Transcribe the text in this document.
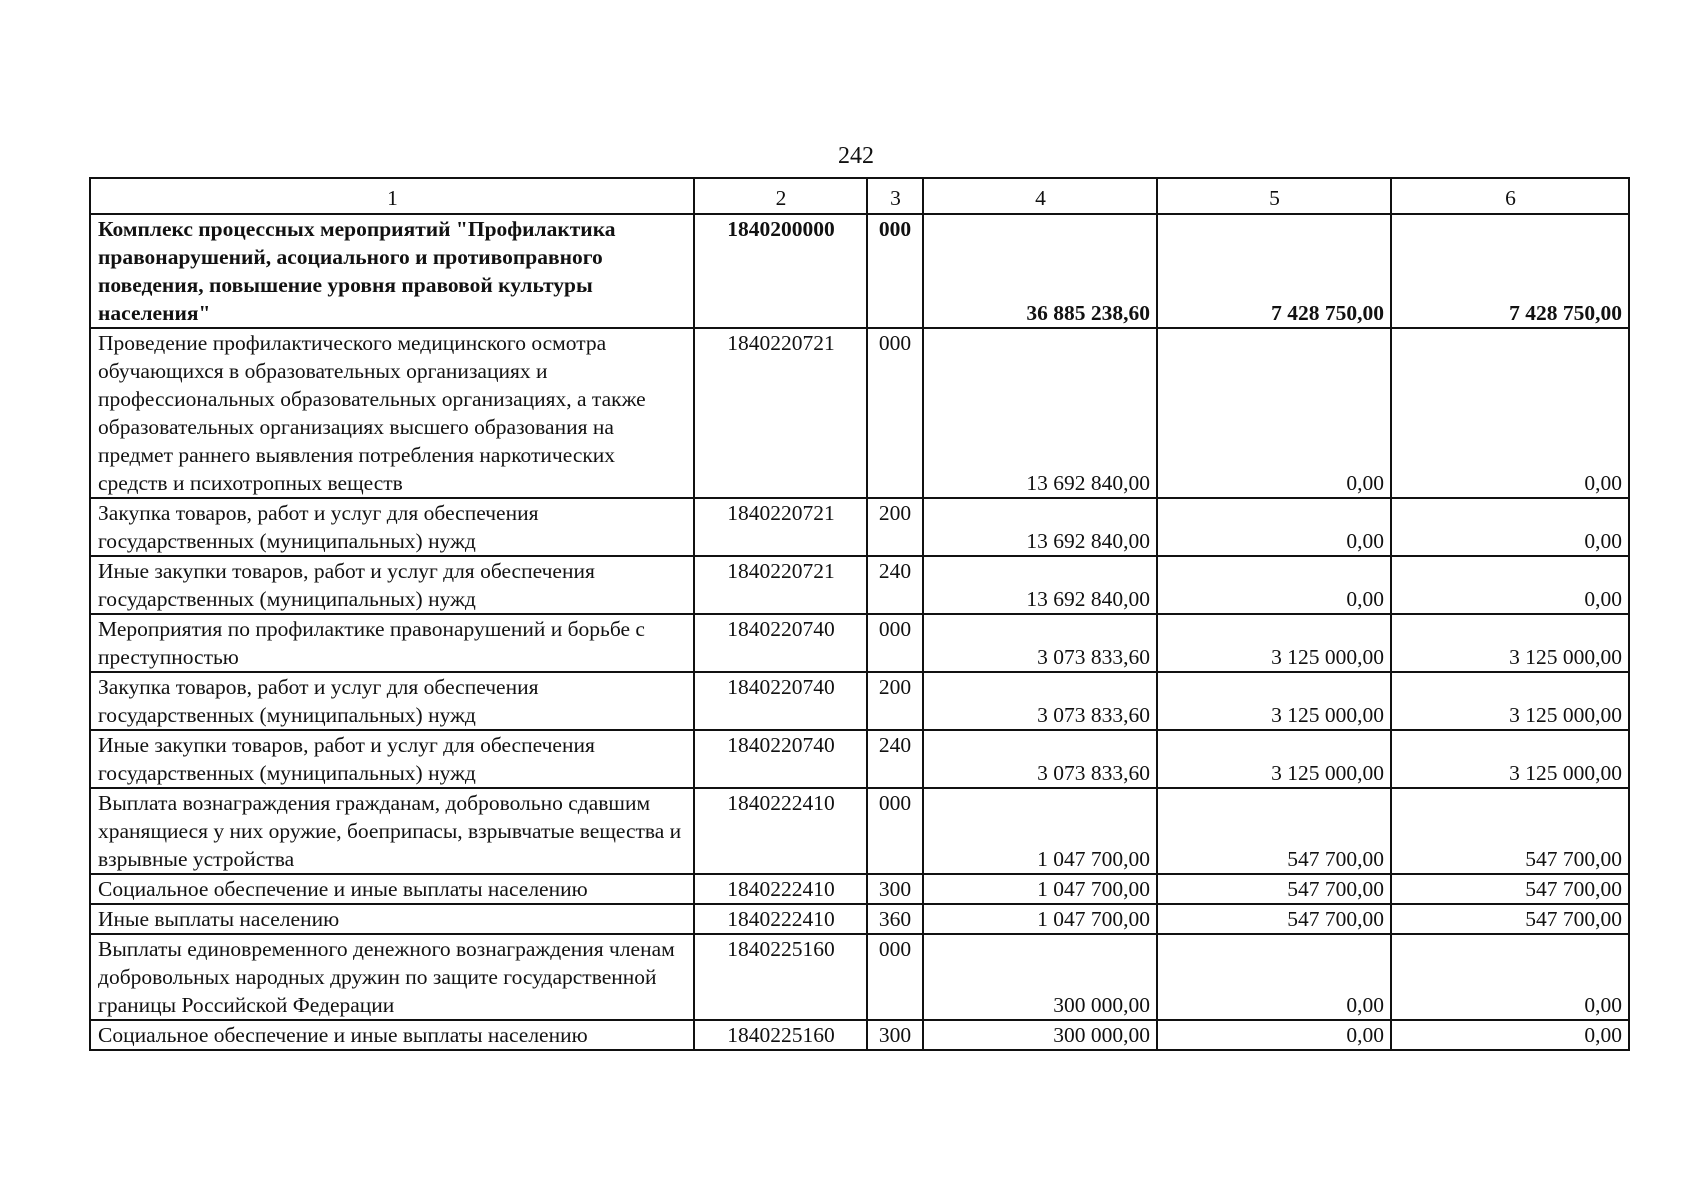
242
1	2	3	4	5	6
Комплекс процессных мероприятий "Профилактика правонарушений, асоциального и противоправного поведения, повышение уровня правовой культуры населения"	1840200000	000	36 885 238,60	7 428 750,00	7 428 750,00
Проведение профилактического медицинского осмотра обучающихся в образовательных организациях и профессиональных образовательных организациях, а также образовательных организациях высшего образования на предмет раннего выявления потребления наркотических средств и психотропных веществ	1840220721	000	13 692 840,00	0,00	0,00
Закупка товаров, работ и услуг для обеспечения государственных (муниципальных) нужд	1840220721	200	13 692 840,00	0,00	0,00
Иные закупки товаров, работ и услуг для обеспечения государственных (муниципальных) нужд	1840220721	240	13 692 840,00	0,00	0,00
Мероприятия по профилактике правонарушений и борьбе с преступностью	1840220740	000	3 073 833,60	3 125 000,00	3 125 000,00
Закупка товаров, работ и услуг для обеспечения государственных (муниципальных) нужд	1840220740	200	3 073 833,60	3 125 000,00	3 125 000,00
Иные закупки товаров, работ и услуг для обеспечения государственных (муниципальных) нужд	1840220740	240	3 073 833,60	3 125 000,00	3 125 000,00
Выплата вознаграждения гражданам, добровольно сдавшим хранящиеся у них оружие, боеприпасы, взрывчатые вещества и взрывные устройства	1840222410	000	1 047 700,00	547 700,00	547 700,00
Социальное обеспечение и иные выплаты населению	1840222410	300	1 047 700,00	547 700,00	547 700,00
Иные выплаты населению	1840222410	360	1 047 700,00	547 700,00	547 700,00
Выплаты единовременного денежного вознаграждения членам добровольных народных дружин по защите государственной границы Российской Федерации	1840225160	000	300 000,00	0,00	0,00
Социальное обеспечение и иные выплаты населению	1840225160	300	300 000,00	0,00	0,00
